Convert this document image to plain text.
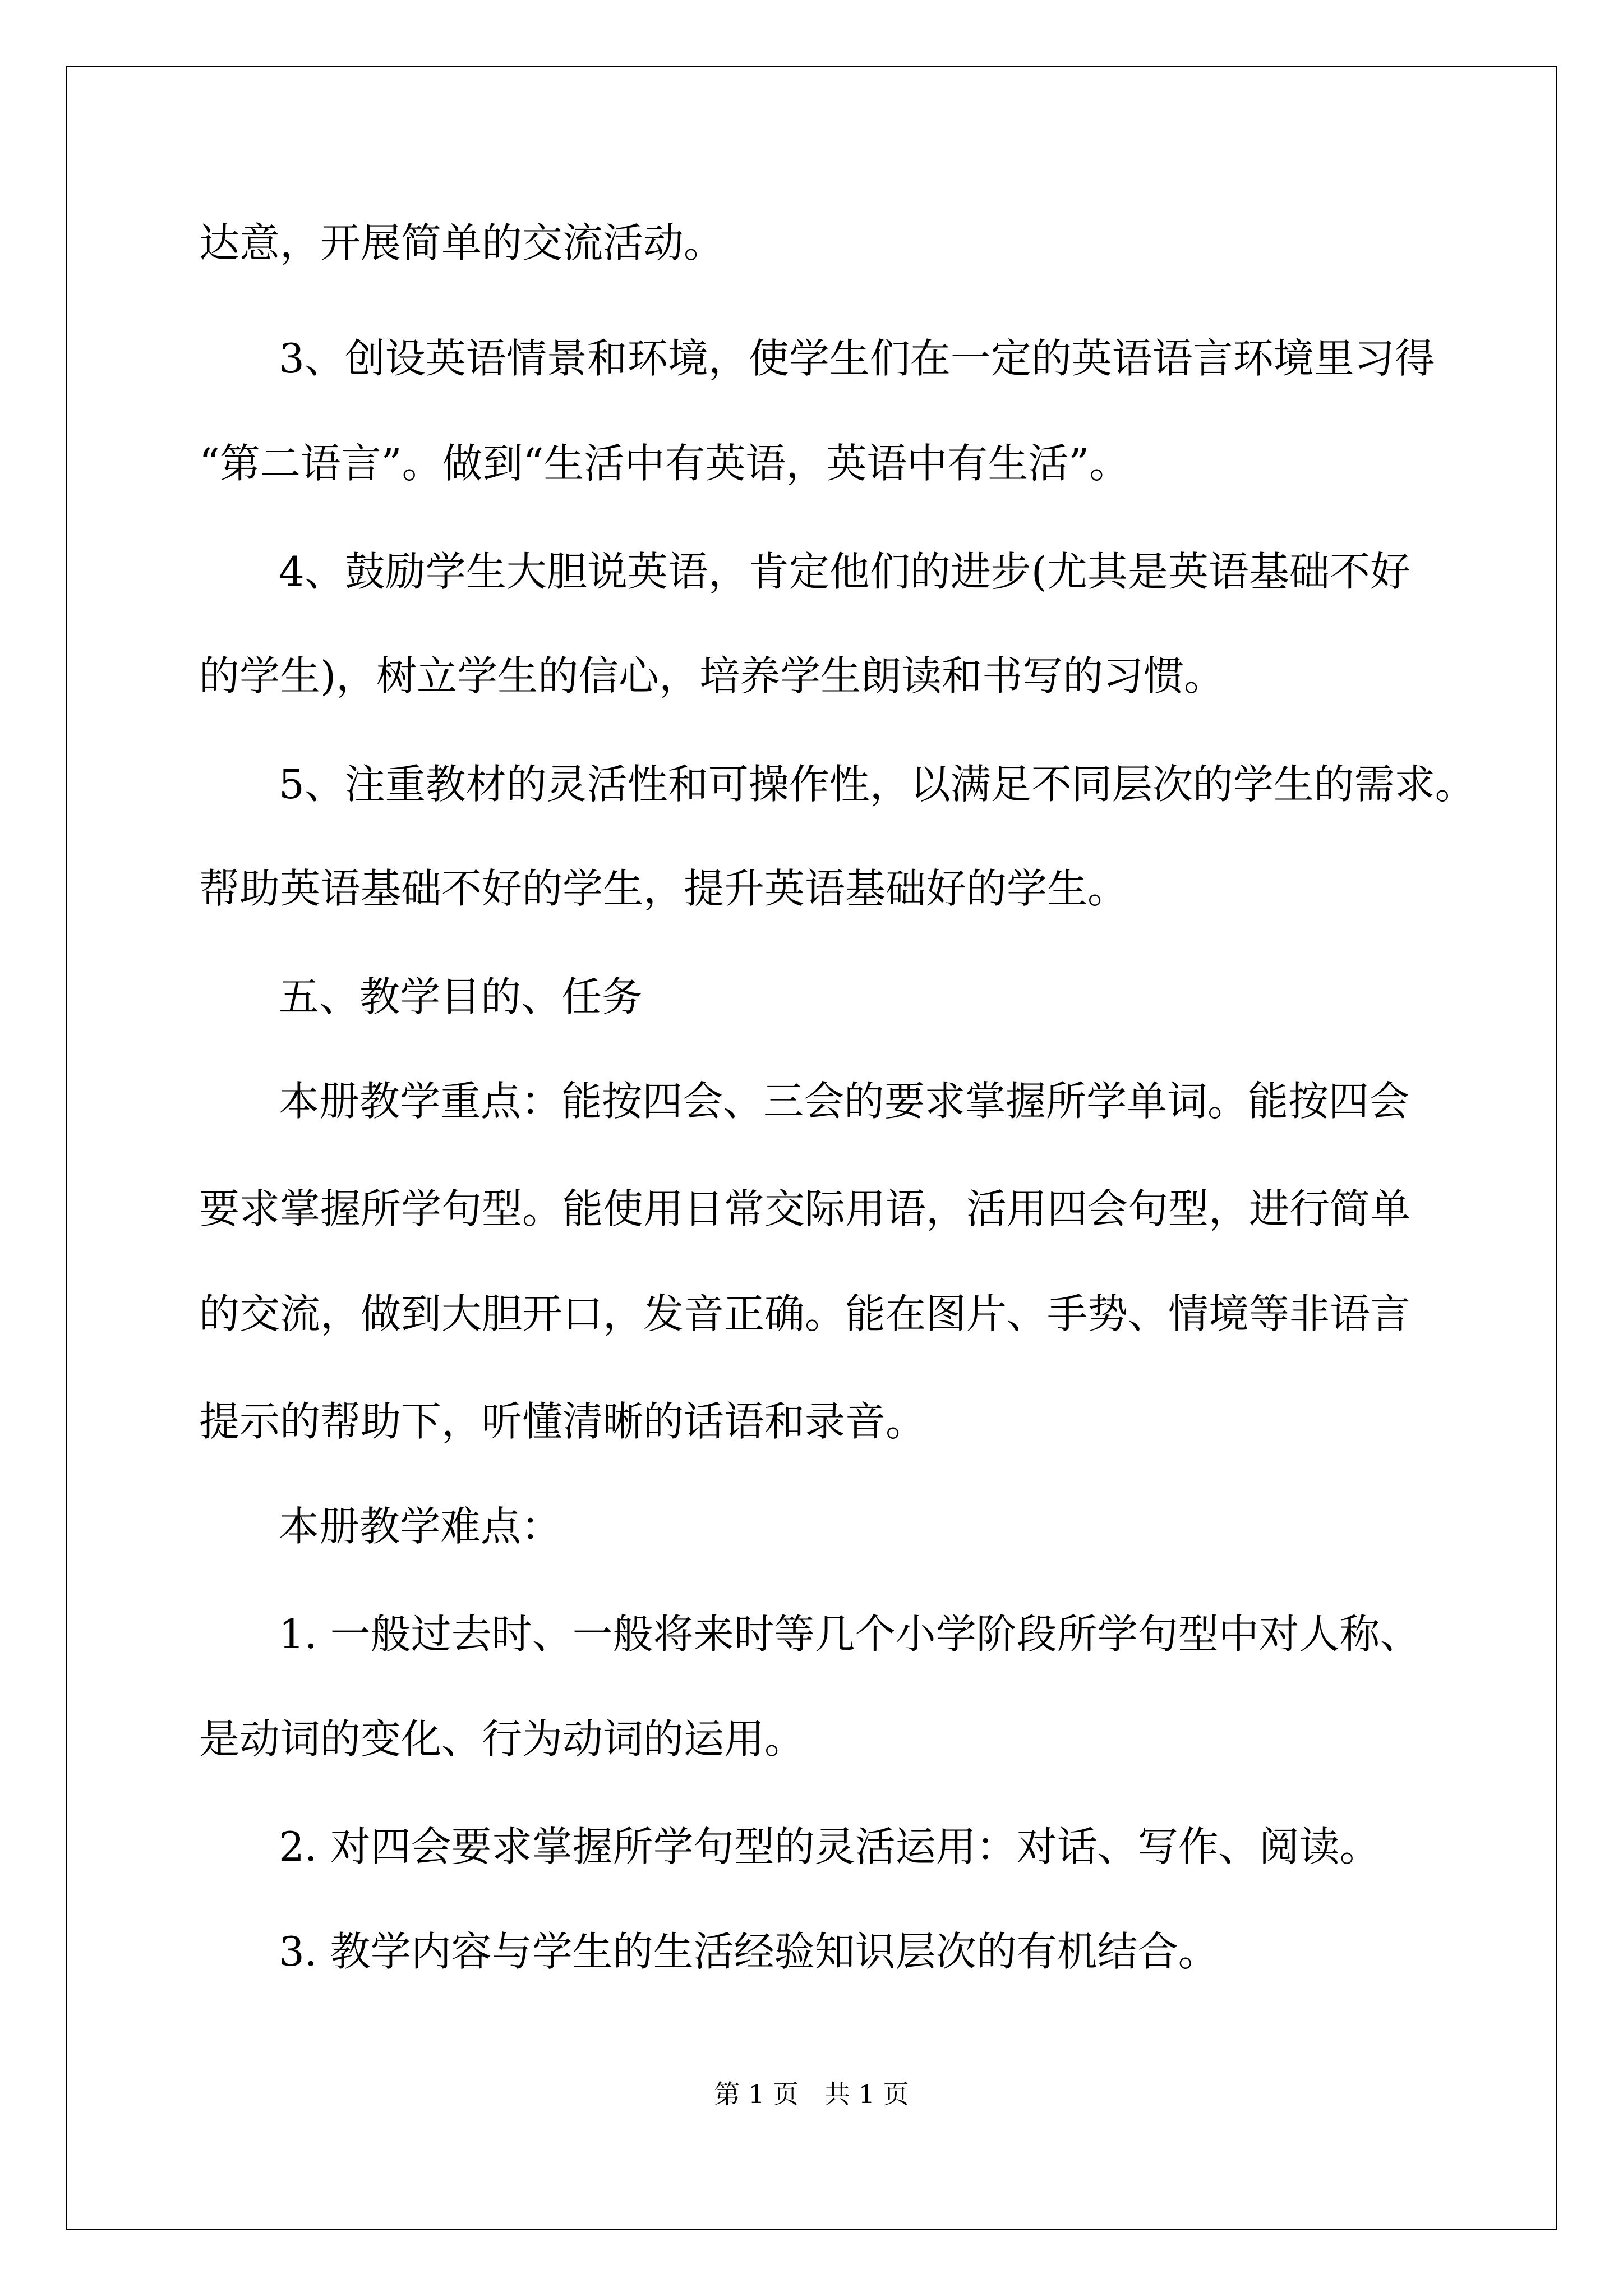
达意，开展简单的交流活动。
3、创设英语情景和环境，使学生们在一定的英语语言环境里习得
“第二语言”。做到“生活中有英语，英语中有生活”。
4、鼓励学生大胆说英语，肯定他们的进步(尤其是英语基础不好
的学生)，树立学生的信心，培养学生朗读和书写的习惯。
5、注重教材的灵活性和可操作性，以满足不同层次的学生的需求。
帮助英语基础不好的学生，提升英语基础好的学生。
五、教学目的、任务
本册教学重点：能按四会、三会的要求掌握所学单词。能按四会
要求掌握所学句型。能使用日常交际用语，活用四会句型，进行简单
的交流，做到大胆开口，发音正确。能在图片、手势、情境等非语言
提示的帮助下，听懂清晰的话语和录音。
本册教学难点：
1. 一般过去时、一般将来时等几个小学阶段所学句型中对人称、
是动词的变化、行为动词的运用。
2. 对四会要求掌握所学句型的灵活运用：对话、写作、阅读。
3. 教学内容与学生的生活经验知识层次的有机结合。
第 1 页　共 1 页
